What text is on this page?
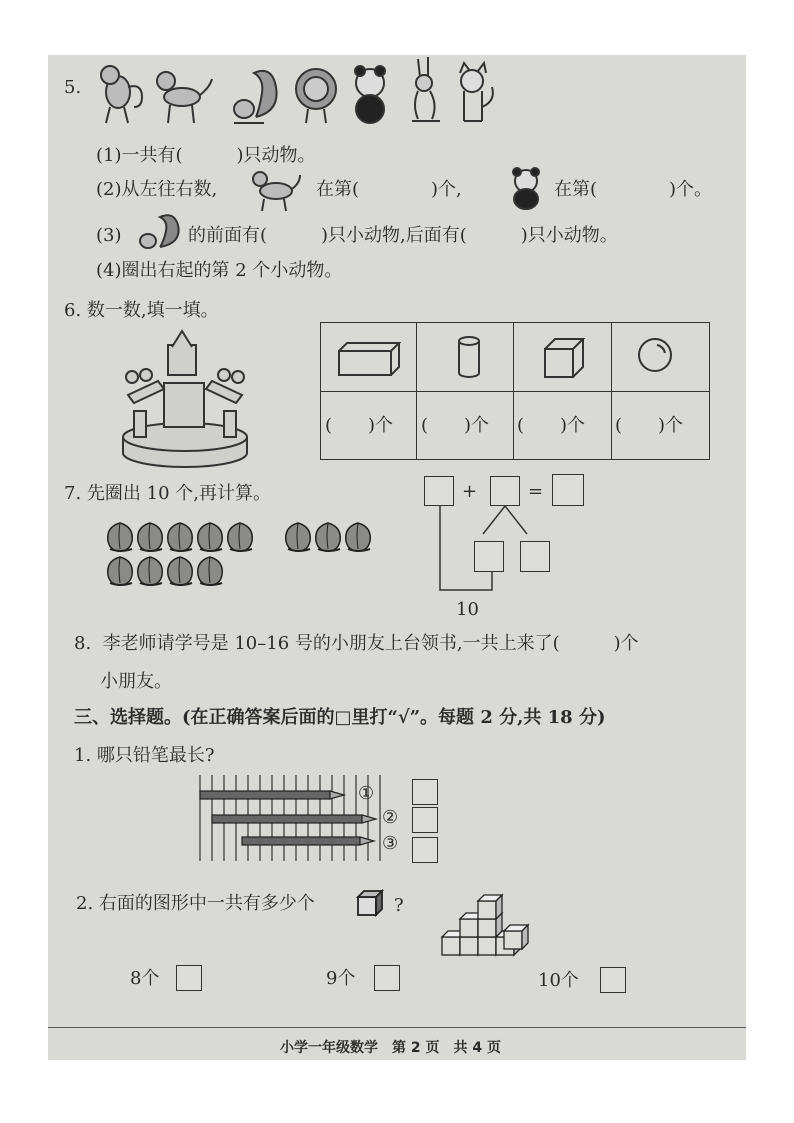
5.
(1)一共有(　　　)只动物。
(2)从左往右数,	在第(　　　　)个,	在第(　　　　)个。
(3)	的前面有(　　　)只小动物,后面有(　　　)只小动物。
(4)圈出右起的第 2 个小动物。
6. 数一数,填一填。
(　　)个 (　　)个 (　　)个 (　　)个
7. 先圈出 10 个,再计算。	+	=
10
8.  李老师请学号是 10–16 号的小朋友上台领书,一共上来了(　　　)个
小朋友。
三、选择题。(在正确答案后面的□里打“√”。每题 2 分,共 18 分)
1. 哪只铅笔最长?
①
②
③
2. 右面的图形中一共有多少个	?
8个	9个	10个
小学一年级数学　第 2 页　共 4 页
